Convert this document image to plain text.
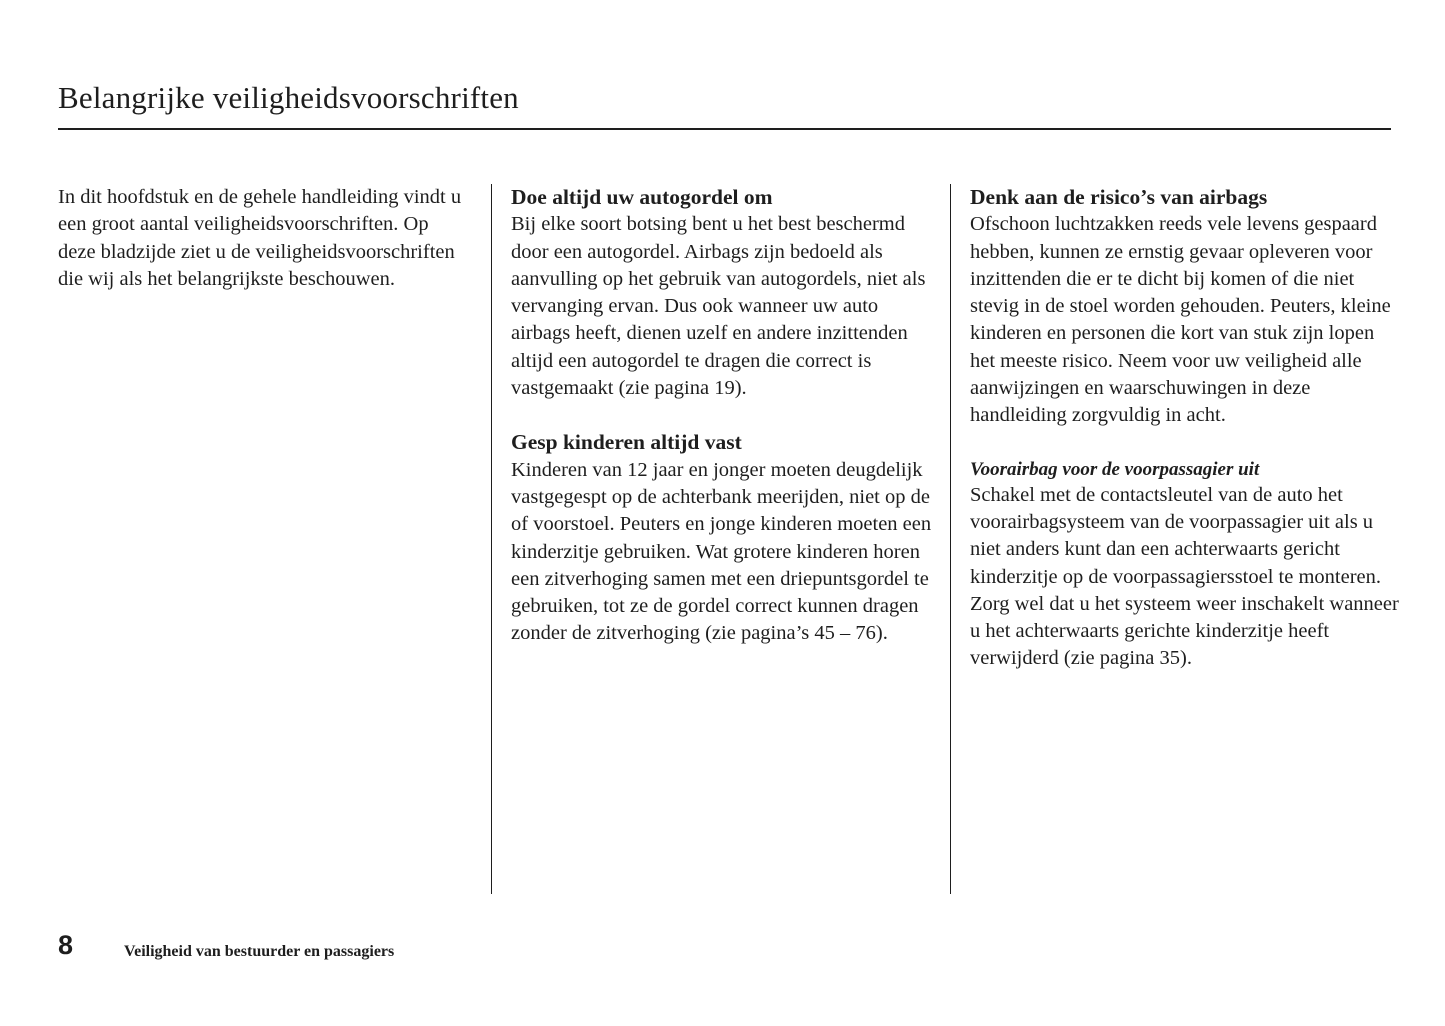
Belangrijke veiligheidsvoorschriften

In dit hoofdstuk en de gehele handleiding vindt u een groot aantal veiligheidsvoorschriften. Op deze bladzijde ziet u de veiligheidsvoorschriften die wij als het belangrijkste beschouwen.

Doe altijd uw autogordel om

Bij elke soort botsing bent u het best beschermd door een autogordel. Airbags zijn bedoeld als aanvulling op het gebruik van autogordels, niet als vervanging ervan. Dus ook wanneer uw auto airbags heeft, dienen uzelf en andere inzittenden altijd een autogordel te dragen die correct is vastgemaakt (zie pagina 19).

Gesp kinderen altijd vast

Kinderen van 12 jaar en jonger moeten deugdelijk vastgegespt op de achterbank meerijden, niet op de of voorstoel. Peuters en jonge kinderen moeten een kinderzitje gebruiken. Wat grotere kinderen horen een zitverhoging samen met een driepuntsgordel te gebruiken, tot ze de gordel correct kunnen dragen zonder de zitverhoging (zie pagina’s 45 – 76).

Denk aan de risico’s van airbags

Ofschoon luchtzakken reeds vele levens gespaard hebben, kunnen ze ernstig gevaar opleveren voor inzittenden die er te dicht bij komen of die niet stevig in de stoel worden gehouden. Peuters, kleine kinderen en personen die kort van stuk zijn lopen het meeste risico. Neem voor uw veiligheid alle aanwijzingen en waarschuwingen in deze handleiding zorgvuldig in acht.

Voorairbag voor de voorpassagier uit

Schakel met de contactsleutel van de auto het voorairbagsysteem van de voorpassagier uit als u niet anders kunt dan een achterwaarts gericht kinderzitje op de voorpassagiersstoel te monteren. Zorg wel dat u het systeem weer inschakelt wanneer u het achterwaarts gerichte kinderzitje heeft verwijderd (zie pagina 35).

8	Veiligheid van bestuurder en passagiers
